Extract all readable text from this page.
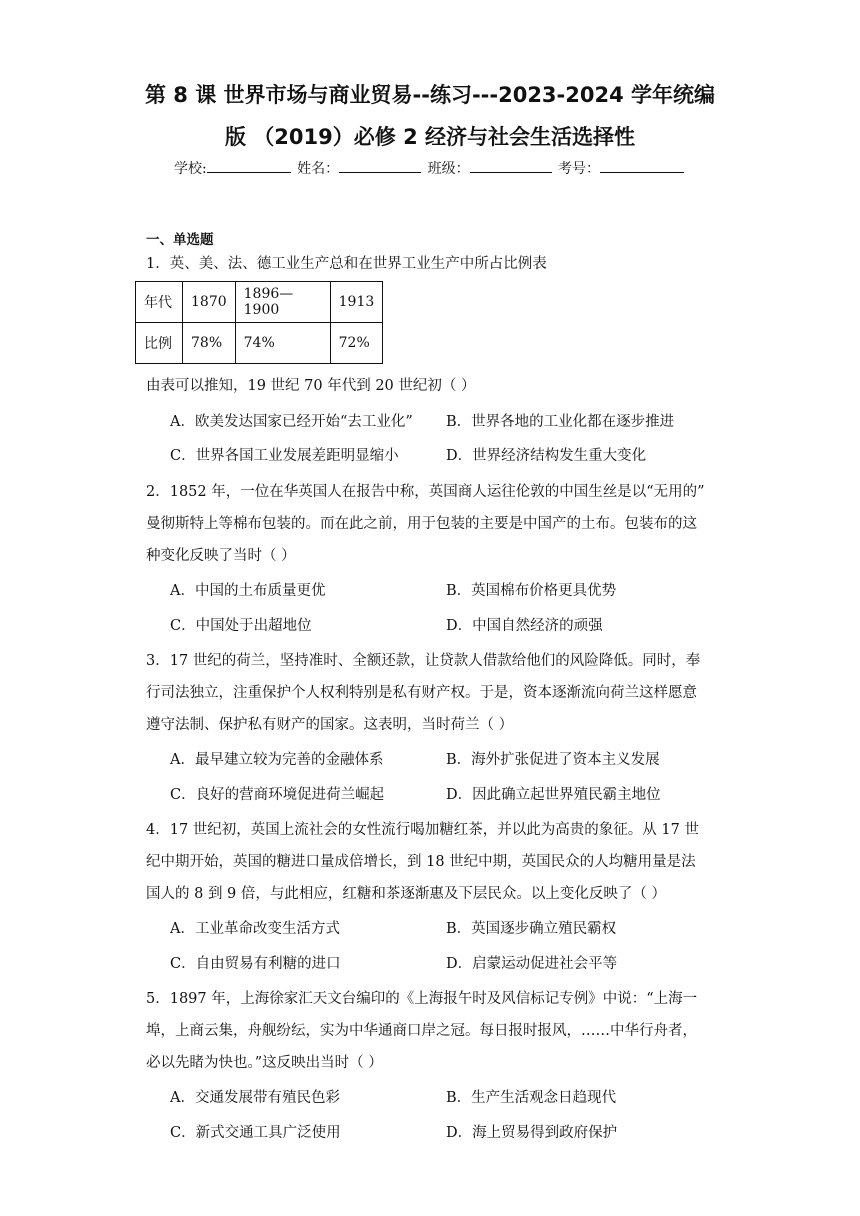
第 8 课 世界市场与商业贸易--练习---2023-2024 学年统编
版 （2019）必修 2 经济与社会生活选择性
学校:	姓名：	班级：	考号：
一、单选题
1．英、美、法、德工业生产总和在世界工业生产中所占比例表
年代	1870	1896—1900	1913
比例	78%	74%	72%
由表可以推知，19 世纪 70 年代到 20 世纪初（ ）
A．欧美发达国家已经开始“去工业化” B．世界各地的工业化都在逐步推进
C．世界各国工业发展差距明显缩小	D．世界经济结构发生重大变化
2．1852 年，一位在华英国人在报告中称，英国商人运往伦敦的中国生丝是以“无用的”
曼彻斯特上等棉布包装的。而在此之前，用于包装的主要是中国产的土布。包装布的这
种变化反映了当时（ ）
A．中国的土布质量更优	B．英国棉布价格更具优势
C．中国处于出超地位	D．中国自然经济的顽强
3．17 世纪的荷兰，坚持准时、全额还款，让贷款人借款给他们的风险降低。同时，奉
行司法独立，注重保护个人权利特别是私有财产权。于是，资本逐渐流向荷兰这样愿意
遵守法制、保护私有财产的国家。这表明，当时荷兰（ ）
A．最早建立较为完善的金融体系	B．海外扩张促进了资本主义发展
C．良好的营商环境促进荷兰崛起	D．因此确立起世界殖民霸主地位
4．17 世纪初，英国上流社会的女性流行喝加糖红茶，并以此为高贵的象征。从 17 世
纪中期开始，英国的糖进口量成倍增长，到 18 世纪中期，英国民众的人均糖用量是法
国人的 8 到 9 倍，与此相应，红糖和茶逐渐惠及下层民众。以上变化反映了（ ）
A．工业革命改变生活方式	B．英国逐步确立殖民霸权
C．自由贸易有利糖的进口	D．启蒙运动促进社会平等
5．1897 年，上海徐家汇天文台编印的《上海报午时及风信标记专例》中说：“上海一
埠，上商云集，舟舰纷纭，实为中华通商口岸之冠。每日报时报风，……中华行舟者，
必以先睹为快也。”这反映出当时（ ）
A．交通发展带有殖民色彩	B．生产生活观念日趋现代
C．新式交通工具广泛使用	D．海上贸易得到政府保护
